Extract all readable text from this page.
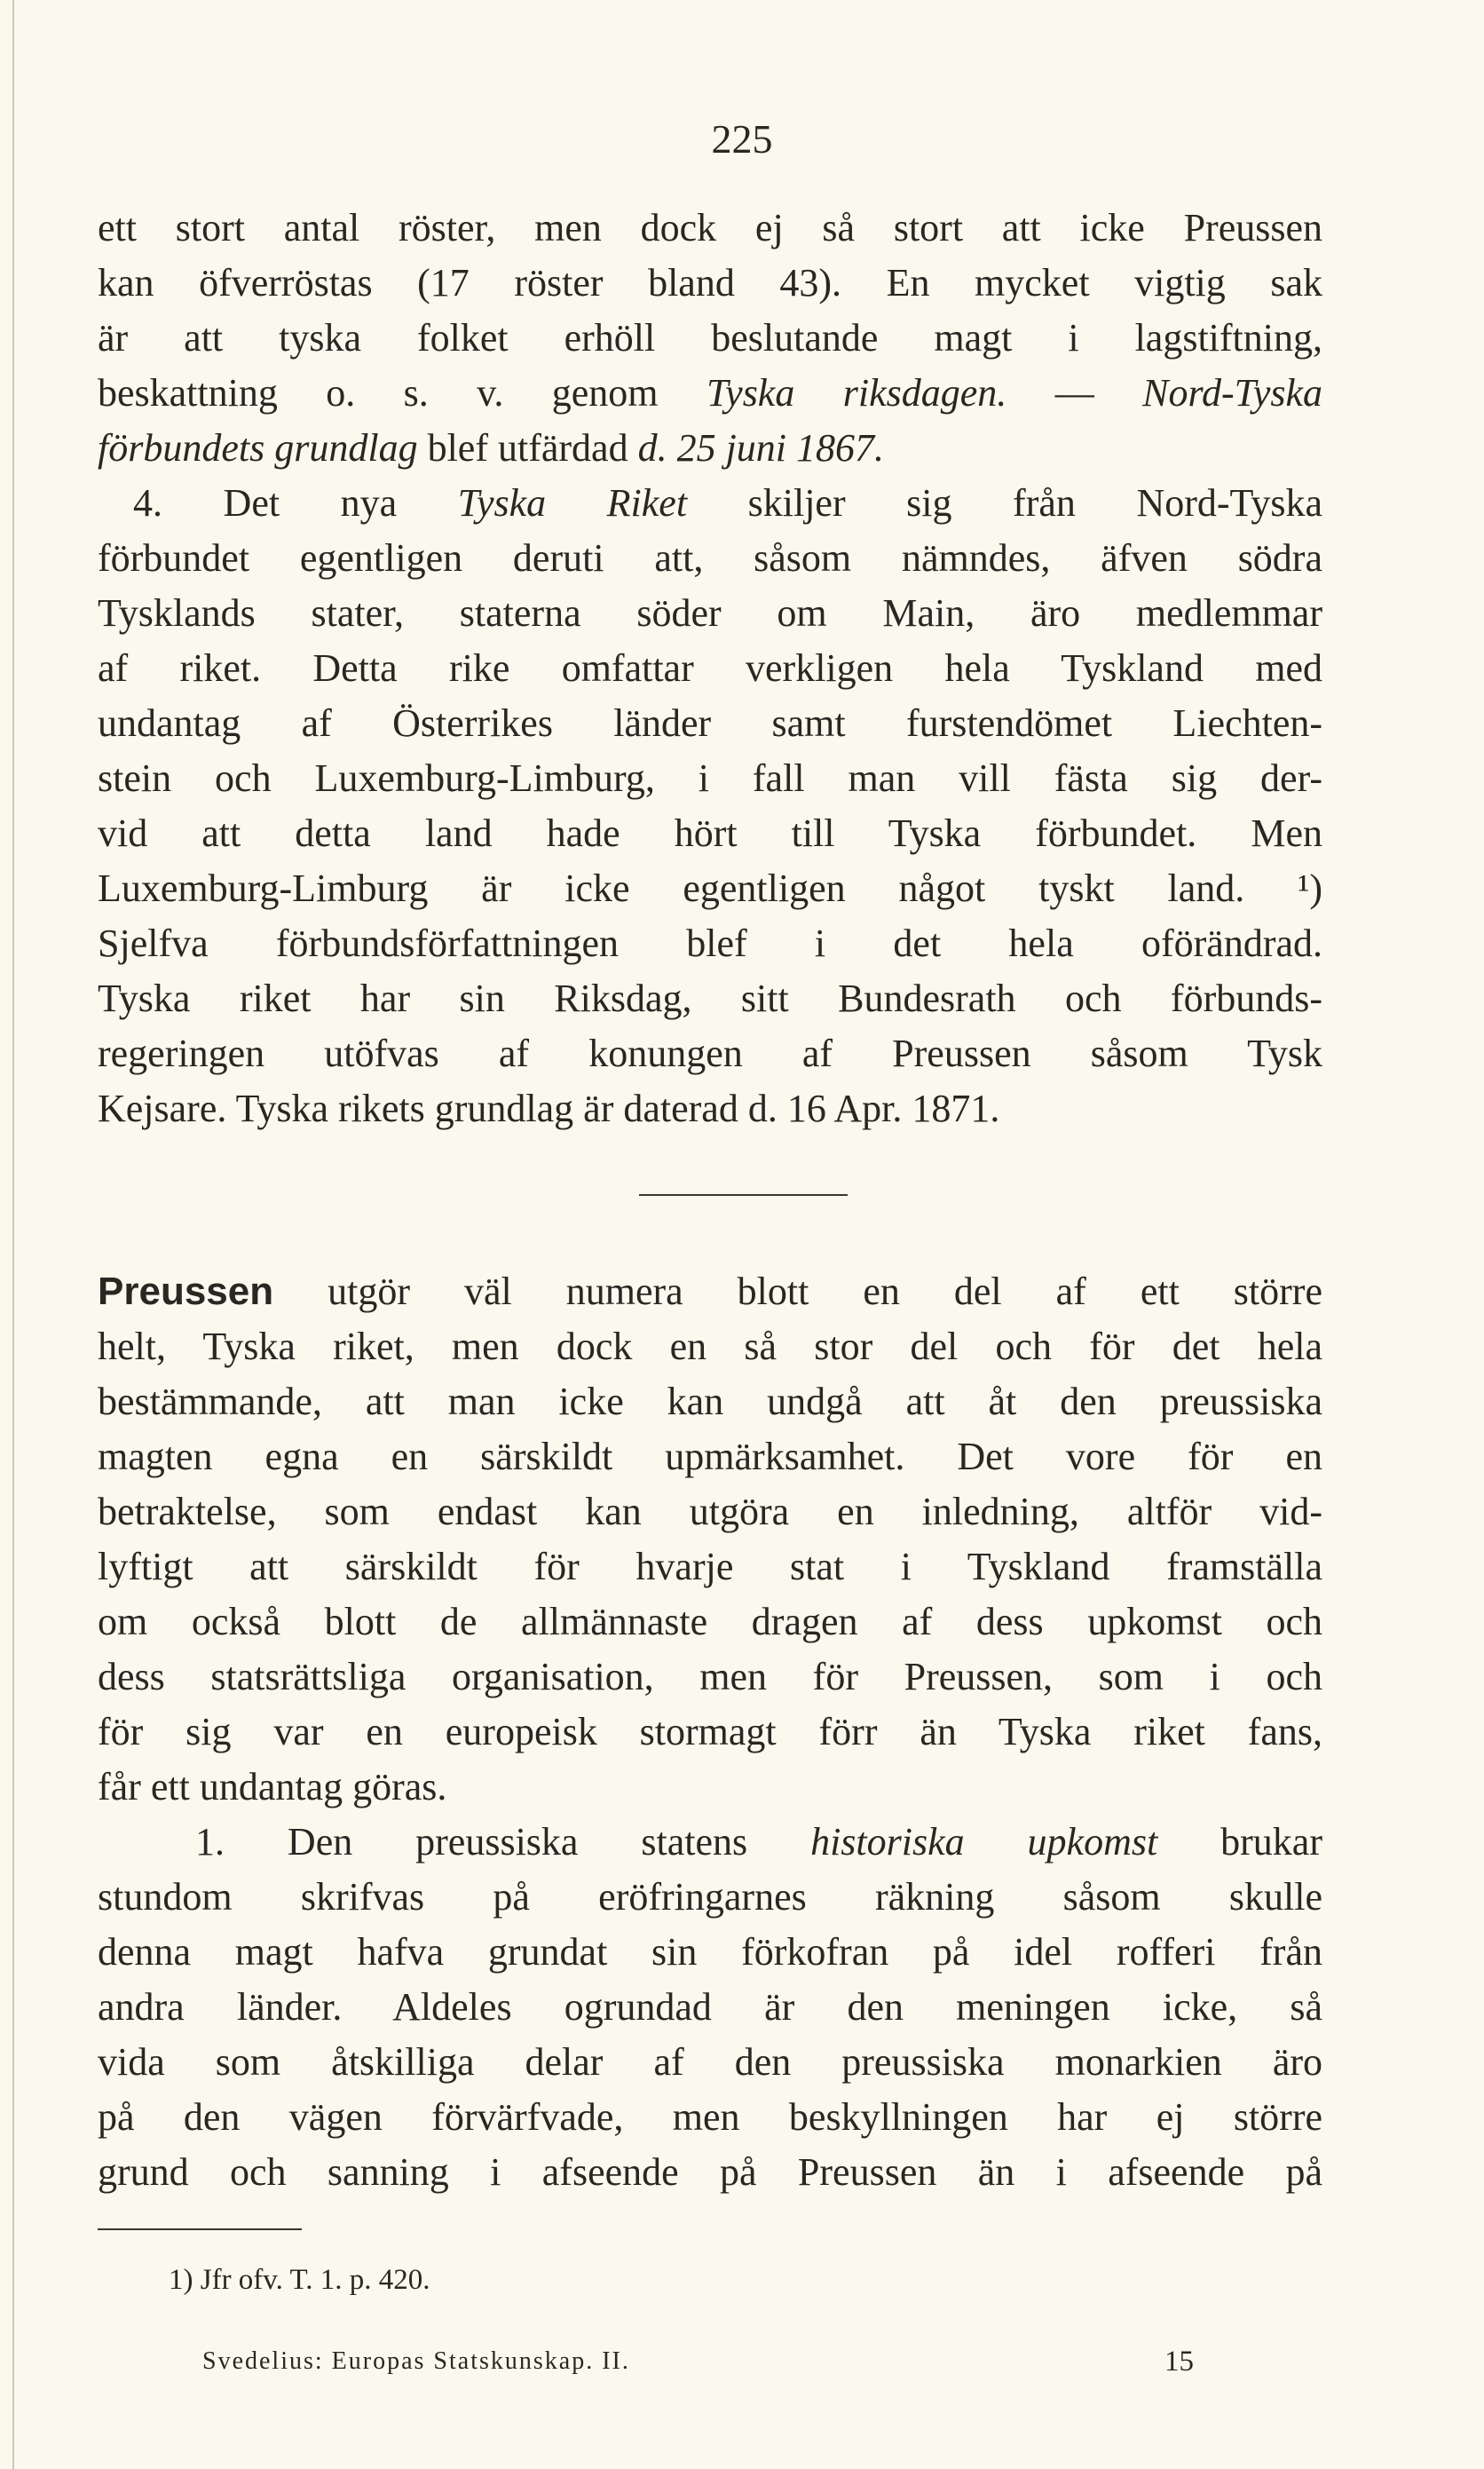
225

ett stort antal röster, men dock ej så stort att icke Preussen

kan öfverröstas (17 röster bland 43). En mycket vigtig sak

är att tyska folket erhöll beslutande magt i lagstiftning,

beskattning o. s. v. genom Tyska riksdagen. — Nord-Tyska

förbundets grundlag blef utfärdad d. 25 juni 1867.

4. Det nya Tyska Riket skiljer sig från Nord-Tyska

förbundet egentligen deruti att, såsom nämndes, äfven södra

Tysklands stater, staterna söder om Main, äro medlemmar

af riket. Detta rike omfattar verkligen hela Tyskland med

undantag af Österrikes länder samt furstendömet Liechten-

stein och Luxemburg-Limburg, i fall man vill fästa sig der-

vid att detta land hade hört till Tyska förbundet. Men

Luxemburg-Limburg är icke egentligen något tyskt land. ¹)

Sjelfva förbundsförfattningen blef i det hela oförändrad.

Tyska riket har sin Riksdag, sitt Bundesrath och förbunds-

regeringen utöfvas af konungen af Preussen såsom Tysk

Kejsare. Tyska rikets grundlag är daterad d. 16 Apr. 1871.

Preussen utgör väl numera blott en del af ett större

helt, Tyska riket, men dock en så stor del och för det hela

bestämmande, att man icke kan undgå att åt den preussiska

magten egna en särskildt upmärksamhet. Det vore för en

betraktelse, som endast kan utgöra en inledning, altför vid-

lyftigt att särskildt för hvarje stat i Tyskland framställa

om också blott de allmännaste dragen af dess upkomst och

dess statsrättsliga organisation, men för Preussen, som i och

för sig var en europeisk stormagt förr än Tyska riket fans,

får ett undantag göras.

1. Den preussiska statens historiska upkomst brukar

stundom skrifvas på eröfringarnes räkning såsom skulle

denna magt hafva grundat sin förkofran på idel rofferi från

andra länder. Aldeles ogrundad är den meningen icke, så

vida som åtskilliga delar af den preussiska monarkien äro

på den vägen förvärfvade, men beskyllningen har ej större

grund och sanning i afseende på Preussen än i afseende på

1) Jfr ofv. T. 1. p. 420.
Svedelius: Europas Statskunskap. II.	15
